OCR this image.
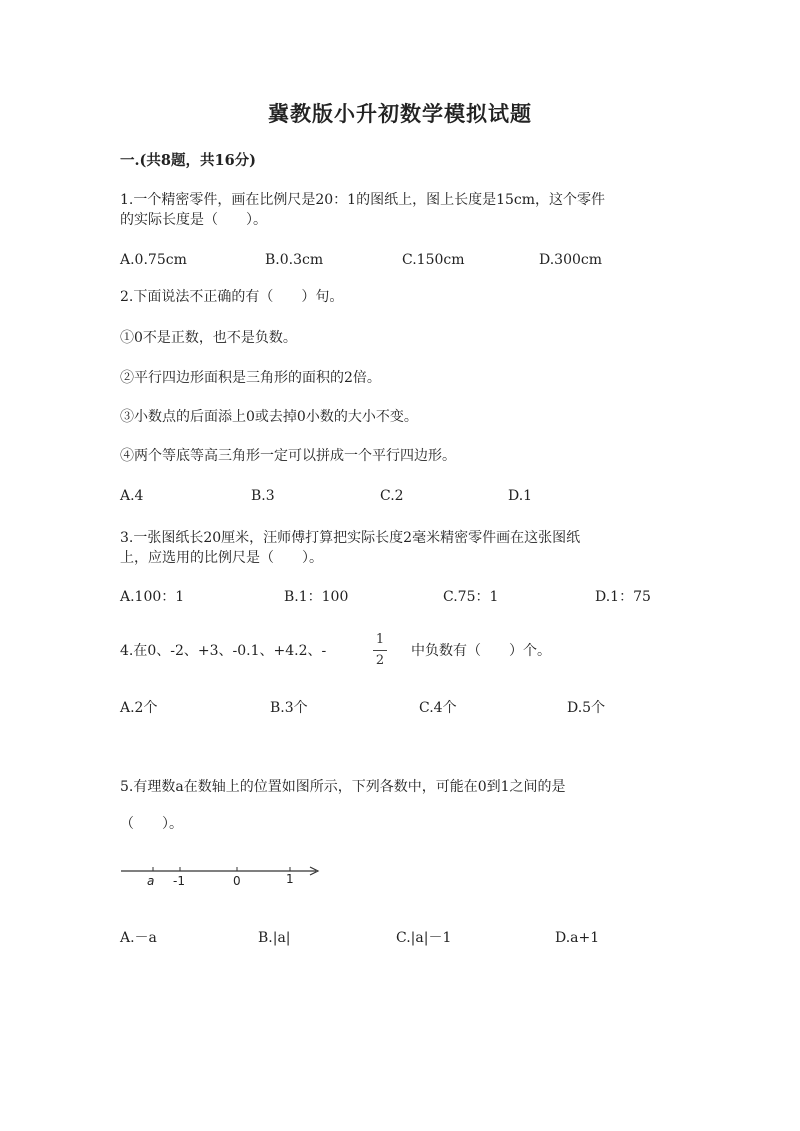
冀教版小升初数学模拟试题
一.(共8题，共16分)
1.一个精密零件，画在比例尺是20：1的图纸上，图上长度是15cm，这个零件
的实际长度是（　　）。
A.0.75cm	B.0.3cm	C.150cm	D.300cm
2.下面说法不正确的有（　　）句。
①0不是正数，也不是负数。
②平行四边形面积是三角形的面积的2倍。
③小数点的后面添上0或去掉0小数的大小不变。
④两个等底等高三角形一定可以拼成一个平行四边形。
A.4	B.3	C.2	D.1
3.一张图纸长20厘米，汪师傅打算把实际长度2毫米精密零件画在这张图纸
上，应选用的比例尺是（　　）。
A.100：1	B.1：100	C.75：1	D.1：75
4.在0、-2、+3、-0.1、+4.2、-
1
2
中负数有（　　）个。
A.2个	B.3个	C.4个	D.5个
5.有理数a在数轴上的位置如图所示，下列各数中，可能在0到1之间的是
（　　）。
a -1	0	1
A.－a	B.|a|	C.|a|－1	D.a+1
